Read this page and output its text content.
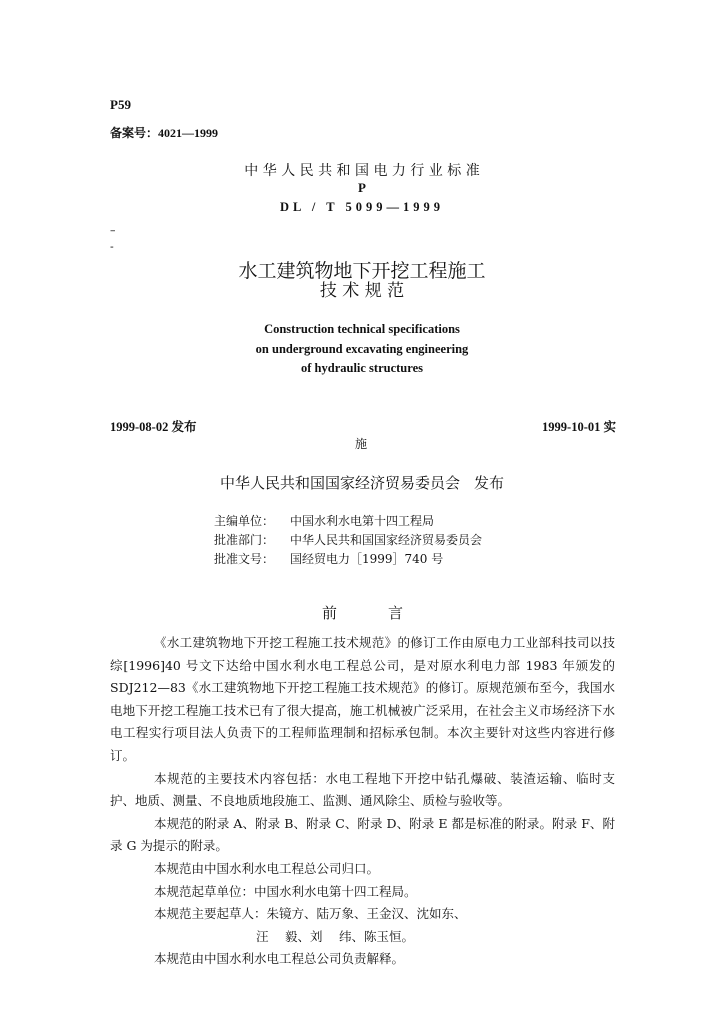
P59
备案号：4021—1999
中 华 人 民 共 和 国 电 力 行 业 标 准
P
DL / T 5099—1999
–
-
水工建筑物地下开挖工程施工
技 术 规 范
Construction technical specifications
on underground excavating engineering
of hydraulic structures
1999-08-02 发布	1999-10-01 实
施
中华人民共和国国家经济贸易委员会 发布
主编单位： 中国水利水电第十四工程局
批准部门： 中华人民共和国国家经济贸易委员会
批准文号： 国经贸电力［1999］740 号
前	言

《水工建筑物地下开挖工程施工技术规范》的修订工作由原电力工业部科技司以技综[1996]40 号文下达给中国水利水电工程总公司，是对原水利电力部 1983 年颁发的 SDJ212—83《水工建筑物地下开挖工程施工技术规范》的修订。原规范颁布至今，我国水电地下开挖工程施工技术已有了很大提高，施工机械被广泛采用，在社会主义市场经济下水电工程实行项目法人负责下的工程师监理制和招标承包制。本次主要针对这些内容进行修订。

本规范的主要技术内容包括：水电工程地下开挖中钻孔爆破、装渣运输、临时支护、地质、测量、不良地质地段施工、监测、通风除尘、质检与验收等。

本规范的附录 A、附录 B、附录 C、附录 D、附录 E 都是标准的附录。附录 F、附录 G 为提示的附录。

本规范由中国水利水电工程总公司归口。

本规范起草单位：中国水利水电第十四工程局。

本规范主要起草人：朱镜方、陆万象、王金汉、沈如东、

汪　 毅、刘　 纬、陈玉恒。

本规范由中国水利水电工程总公司负责解释。
